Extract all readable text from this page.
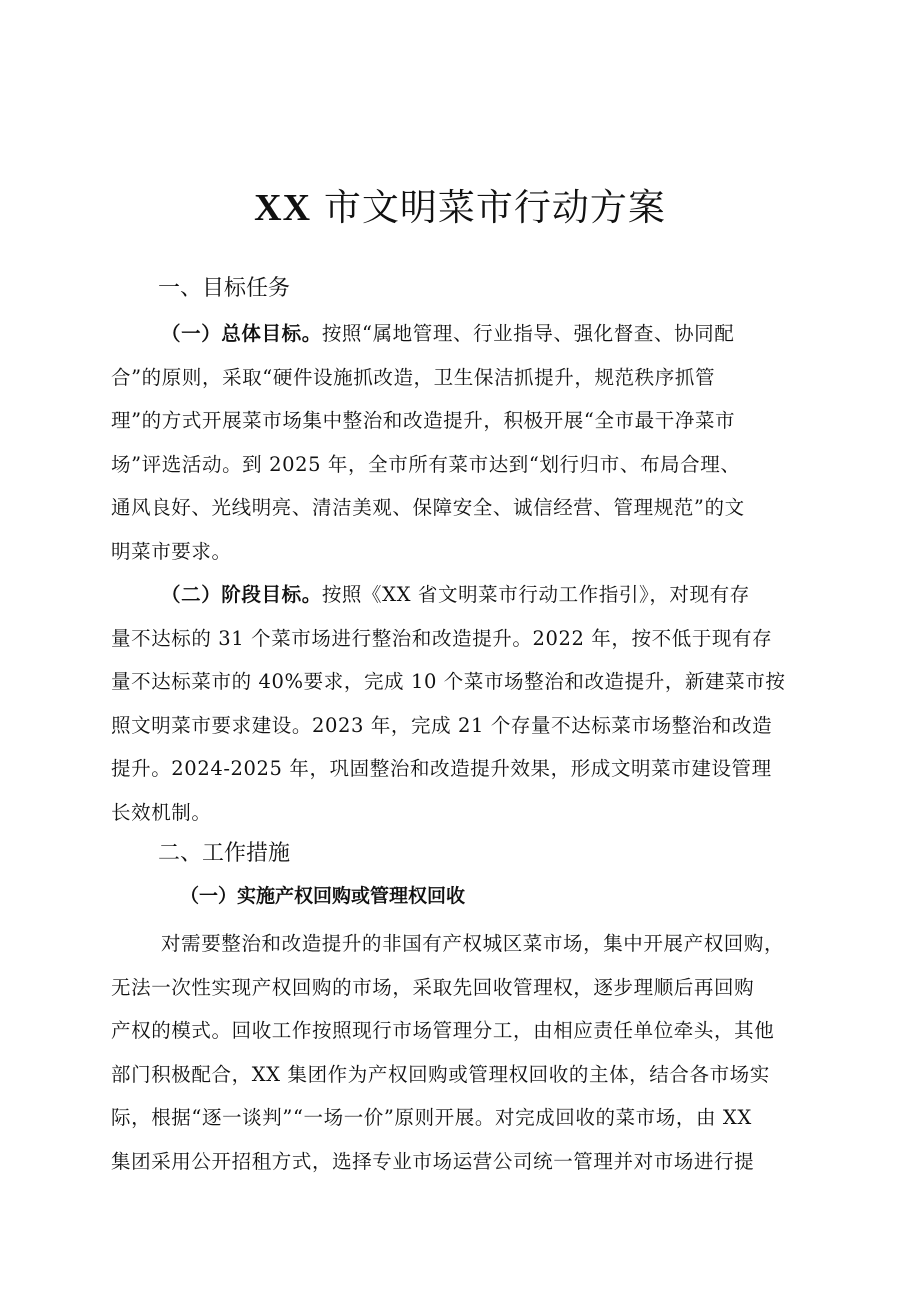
XX 市文明菜市行动方案
一、目标任务
（一）总体目标。按照“属地管理、行业指导、强化督查、协同配
合”的原则，采取“硬件设施抓改造，卫生保洁抓提升，规范秩序抓管
理”的方式开展菜市场集中整治和改造提升，积极开展“全市最干净菜市
场”评选活动。到 2025 年，全市所有菜市达到“划行归市、布局合理、
通风良好、光线明亮、清洁美观、保障安全、诚信经营、管理规范”的文
明菜市要求。
（二）阶段目标。按照《XX 省文明菜市行动工作指引》，对现有存
量不达标的 31 个菜市场进行整治和改造提升。2022 年，按不低于现有存
量不达标菜市的 40%要求，完成 10 个菜市场整治和改造提升，新建菜市按
照文明菜市要求建设。2023 年，完成 21 个存量不达标菜市场整治和改造
提升。2024-2025 年，巩固整治和改造提升效果，形成文明菜市建设管理
长效机制。
二、工作措施
（一）实施产权回购或管理权回收
对需要整治和改造提升的非国有产权城区菜市场，集中开展产权回购，
无法一次性实现产权回购的市场，采取先回收管理权，逐步理顺后再回购
产权的模式。回收工作按照现行市场管理分工，由相应责任单位牵头，其他
部门积极配合，XX 集团作为产权回购或管理权回收的主体，结合各市场实
际，根据“逐一谈判”“一场一价”原则开展。对完成回收的菜市场，由 XX
集团采用公开招租方式，选择专业市场运营公司统一管理并对市场进行提
